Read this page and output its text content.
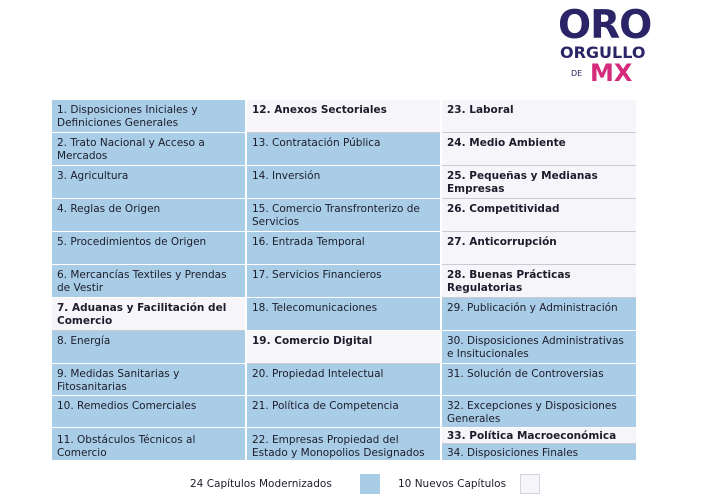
ORO
ORGULLO
DE MX
1. Disposiciones Iniciales y Definiciones Generales
2. Trato Nacional y Acceso a Mercados
3. Agricultura
4. Reglas de Origen
5. Procedimientos de Origen
6. Mercancías Textiles y Prendas de Vestir
7. Aduanas y Facilitación del Comercio
8. Energía
9. Medidas Sanitarias y Fitosanitarias
10. Remedios Comerciales
11. Obstáculos Técnicos al Comercio
12. Anexos Sectoriales
13. Contratación Pública
14. Inversión
15. Comercio Transfronterizo de Servicios
16. Entrada Temporal
17. Servicios Financieros
18. Telecomunicaciones
19. Comercio Digital
20. Propiedad Intelectual
21. Política de Competencia
22. Empresas Propiedad del Estado y Monopolios Designados
23. Laboral
24. Medio Ambiente
25. Pequeñas y Medianas Empresas
26. Competitividad
27. Anticorrupción
28. Buenas Prácticas Regulatorias
29. Publicación y Administración
30. Disposiciones Administrativas e Insitucionales
31. Solución de Controversias
32. Excepciones y Disposiciones Generales
33. Política Macroeconómica
34. Disposiciones Finales
24 Capítulos Modernizados	10 Nuevos Capítulos
